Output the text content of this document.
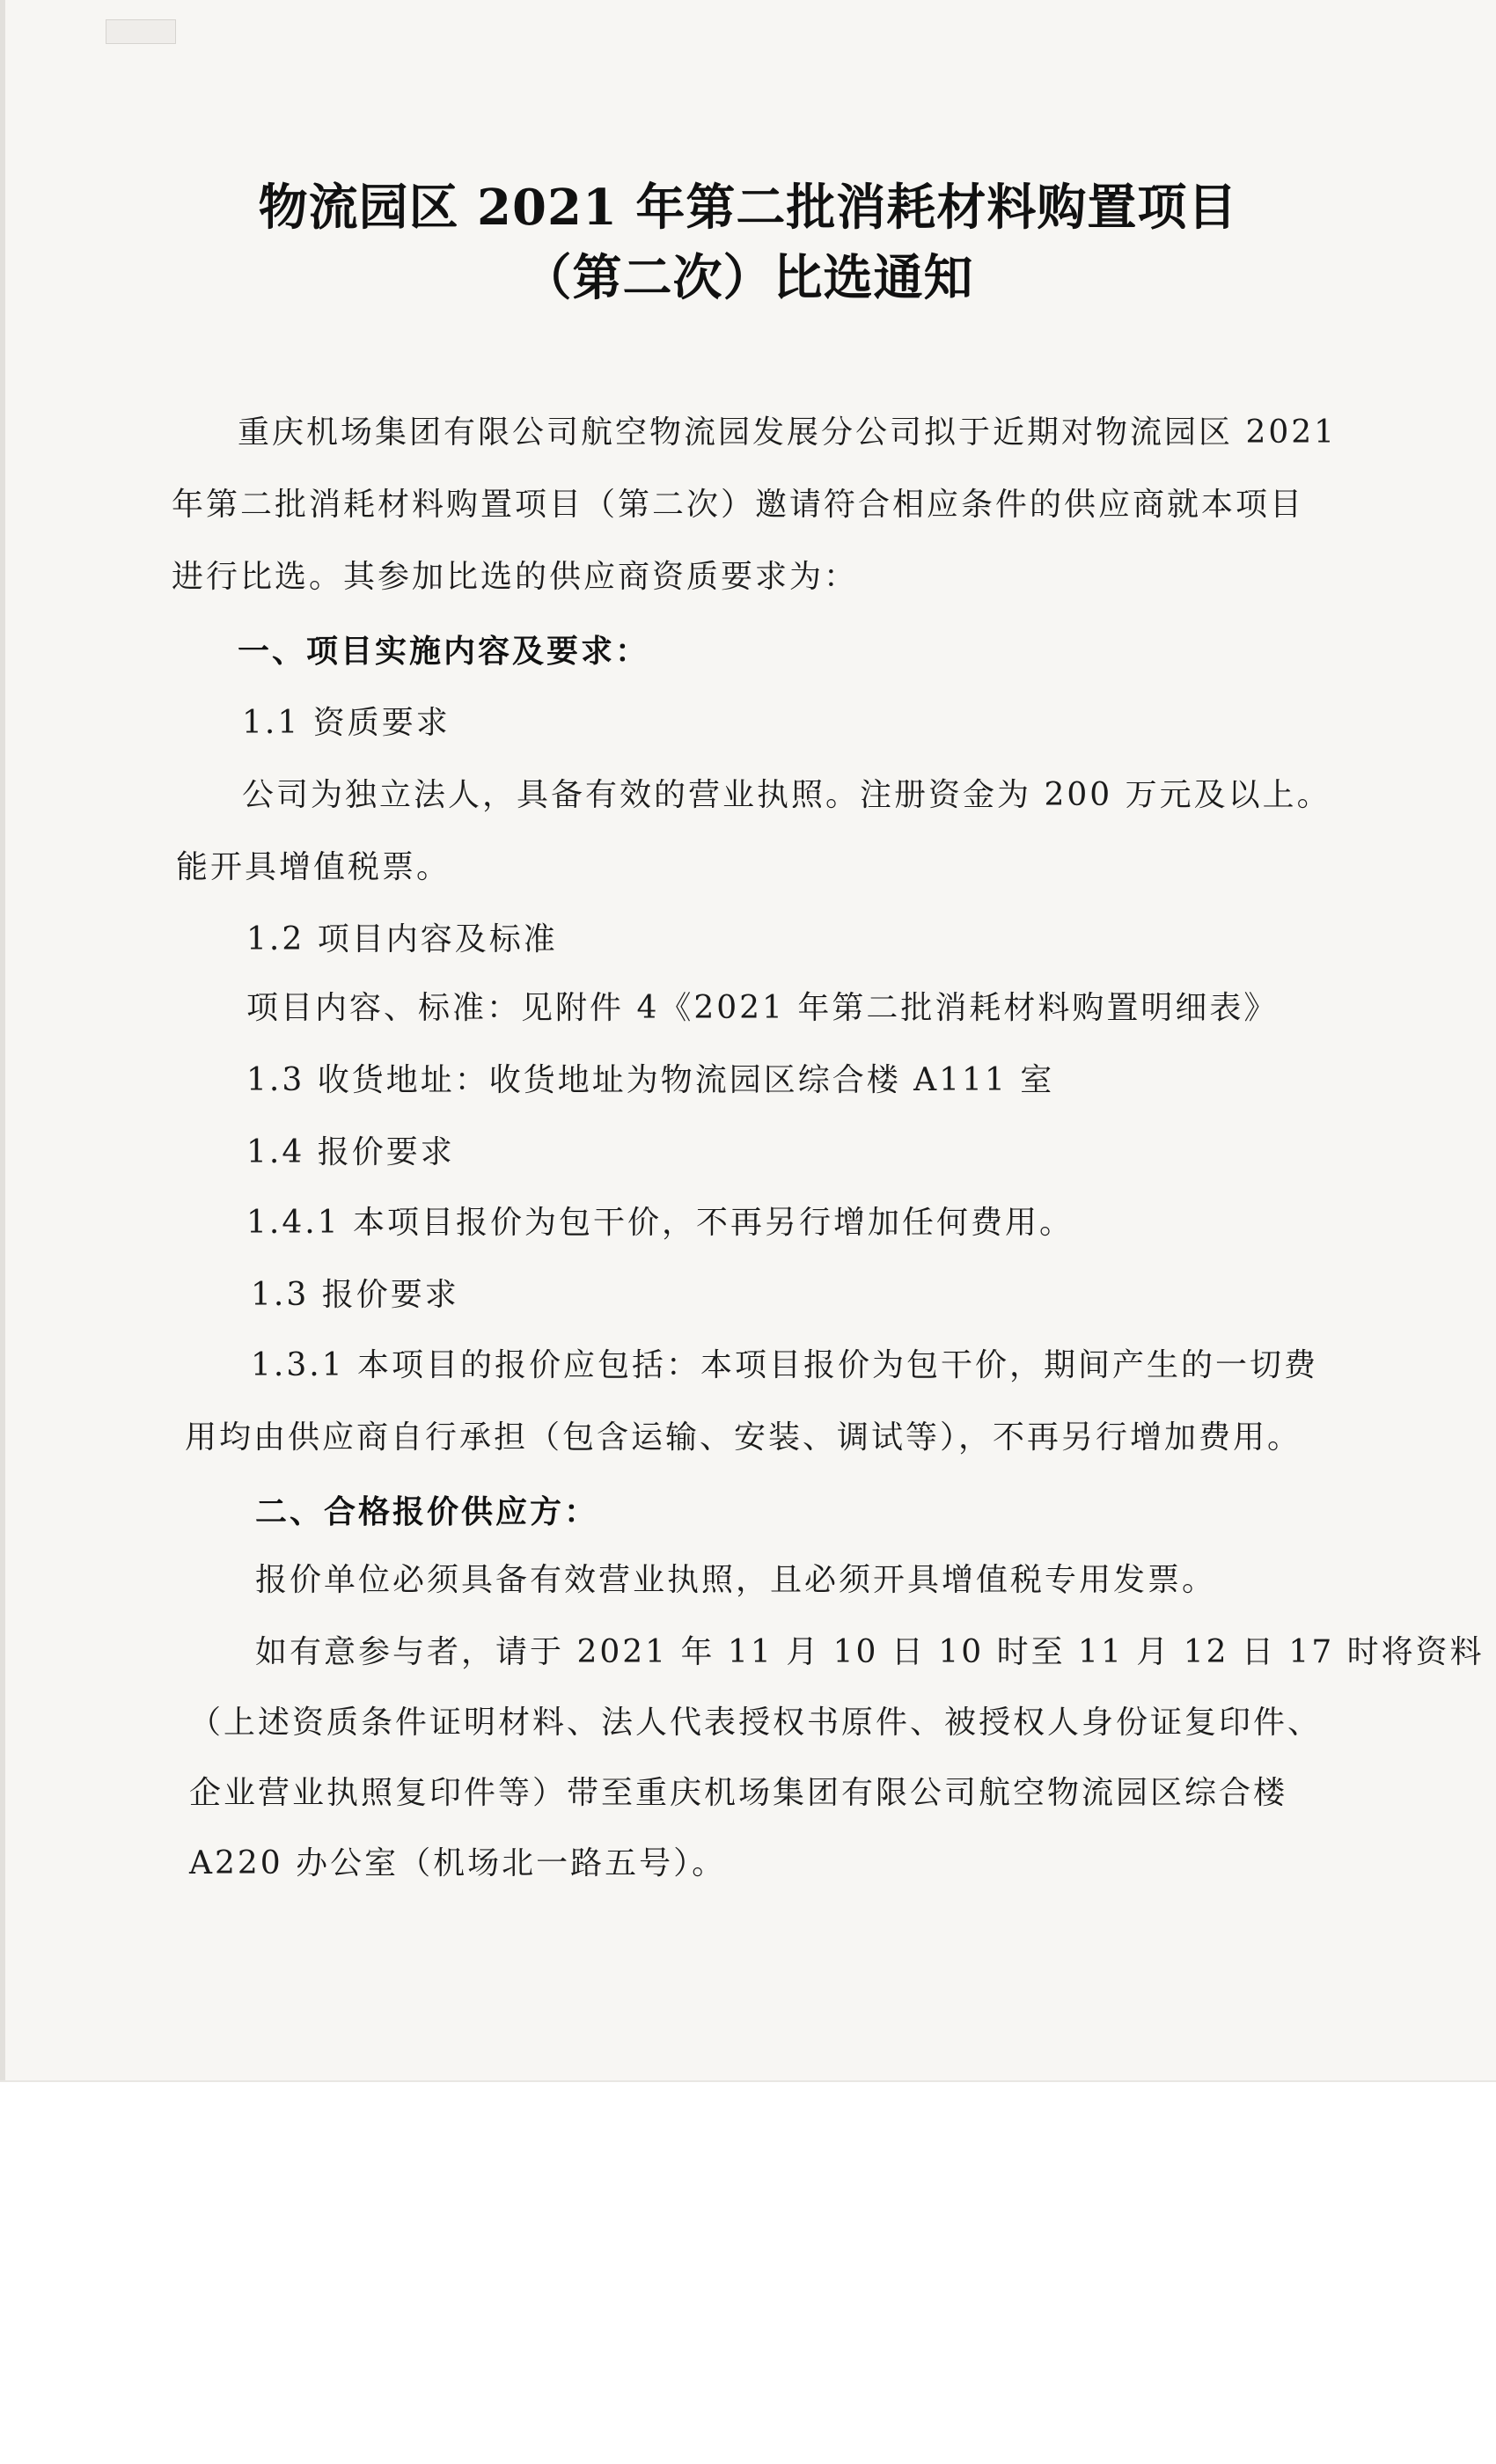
物流园区 2021 年第二批消耗材料购置项目
（第二次）比选通知
重庆机场集团有限公司航空物流园发展分公司拟于近期对物流园区 2021
年第二批消耗材料购置项目（第二次）邀请符合相应条件的供应商就本项目
进行比选。其参加比选的供应商资质要求为：
一、项目实施内容及要求：
1.1 资质要求
公司为独立法人，具备有效的营业执照。注册资金为 200 万元及以上。
能开具增值税票。
1.2 项目内容及标准
项目内容、标准：见附件 4《2021 年第二批消耗材料购置明细表》
1.3 收货地址：收货地址为物流园区综合楼 A111 室
1.4 报价要求
1.4.1 本项目报价为包干价，不再另行增加任何费用。
1.3 报价要求
1.3.1 本项目的报价应包括：本项目报价为包干价，期间产生的一切费
用均由供应商自行承担（包含运输、安装、调试等），不再另行增加费用。
二、合格报价供应方：
报价单位必须具备有效营业执照，且必须开具增值税专用发票。
如有意参与者，请于 2021 年 11 月 10 日 10 时至 11 月 12 日 17 时将资料
（上述资质条件证明材料、法人代表授权书原件、被授权人身份证复印件、
企业营业执照复印件等）带至重庆机场集团有限公司航空物流园区综合楼
A220 办公室（机场北一路五号）。
